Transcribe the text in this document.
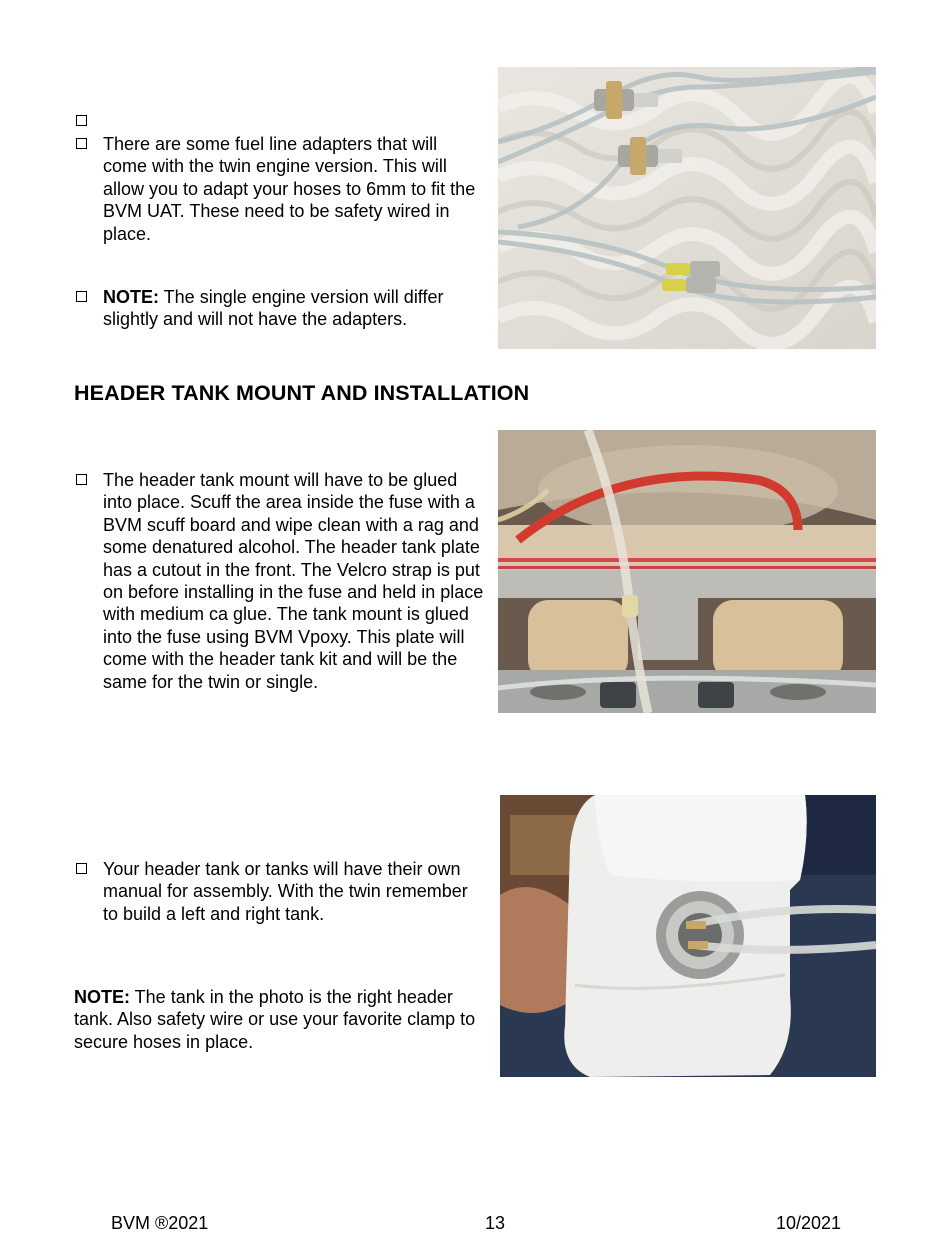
There are some fuel line adapters that will come with the twin engine version. This will allow you to adapt your hoses to 6mm to fit the BVM UAT. These need to be safety wired in place.
NOTE: The single engine version will differ slightly and will not have the adapters.
HEADER TANK MOUNT AND INSTALLATION
The header tank mount will have to be glued into place. Scuff the area inside the fuse with a BVM scuff board and wipe clean with a rag and some denatured alcohol. The header tank plate has a cutout in the front. The Velcro strap is put on before installing in the fuse and held in place with medium ca glue. The tank mount is glued into the fuse using BVM Vpoxy. This plate will come with the header tank kit and will be the same for the twin or single.
Your header tank or tanks will have their own manual for assembly. With the twin remember to build a left and right tank.
NOTE: The tank in the photo is the right header tank. Also safety wire or use your favorite clamp to secure hoses in place.
BVM ®2021	13	10/2021
